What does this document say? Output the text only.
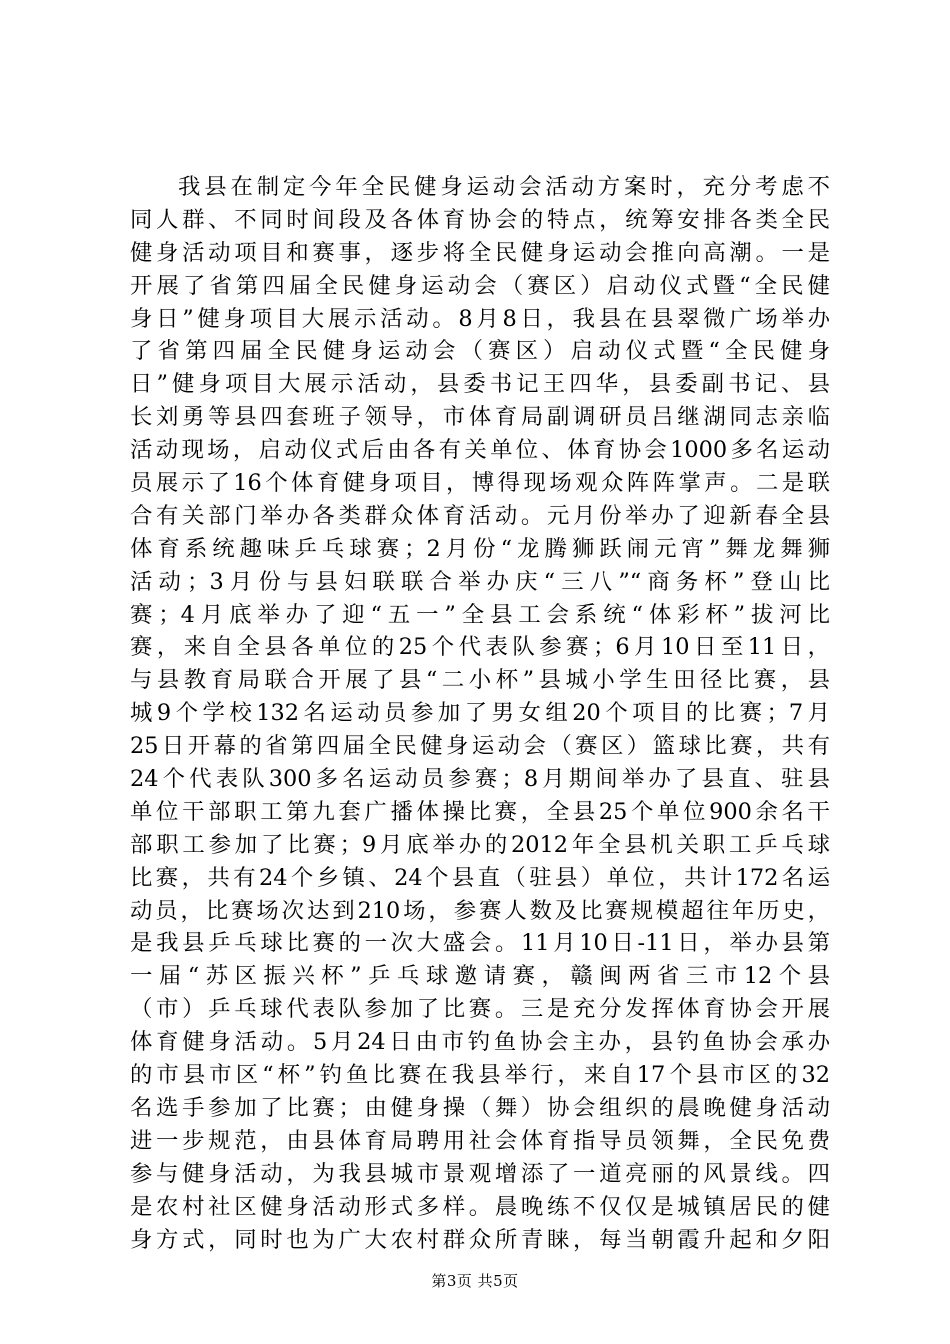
我县在制定今年全民健身运动会活动方案时，充分考虑不
同人群、不同时间段及各体育协会的特点，统筹安排各类全民
健身活动项目和赛事，逐步将全民健身运动会推向高潮。一是
开展了省第四届全民健身运动会（赛区）启动仪式暨“全民健
身日”健身项目大展示活动。8月8日，我县在县翠微广场举办
了省第四届全民健身运动会（赛区）启动仪式暨“全民健身
日”健身项目大展示活动，县委书记王四华，县委副书记、县
长刘勇等县四套班子领导，市体育局副调研员吕继湖同志亲临
活动现场，启动仪式后由各有关单位、体育协会1000多名运动
员展示了16个体育健身项目，博得现场观众阵阵掌声。二是联
合有关部门举办各类群众体育活动。元月份举办了迎新春全县
体育系统趣味乒乓球赛；2月份“龙腾狮跃闹元宵”舞龙舞狮
活动；3月份与县妇联联合举办庆“三八”“商务杯”登山比
赛；4月底举办了迎“五一”全县工会系统“体彩杯”拔河比
赛，来自全县各单位的25个代表队参赛；6月10日至11日，
与县教育局联合开展了县“二小杯”县城小学生田径比赛，县
城9个学校132名运动员参加了男女组20个项目的比赛；7月
25日开幕的省第四届全民健身运动会（赛区）篮球比赛，共有
24个代表队300多名运动员参赛；8月期间举办了县直、驻县
单位干部职工第九套广播体操比赛，全县25个单位900余名干
部职工参加了比赛；9月底举办的2012年全县机关职工乒乓球
比赛，共有24个乡镇、24个县直（驻县）单位，共计172名运
动员，比赛场次达到210场，参赛人数及比赛规模超往年历史，
是我县乒乓球比赛的一次大盛会。11月10日-11日，举办县第
一届“苏区振兴杯”乒乓球邀请赛，赣闽两省三市12个县
（市）乒乓球代表队参加了比赛。三是充分发挥体育协会开展
体育健身活动。5月24日由市钓鱼协会主办，县钓鱼协会承办
的市县市区“杯”钓鱼比赛在我县举行，来自17个县市区的32
名选手参加了比赛；由健身操（舞）协会组织的晨晚健身活动
进一步规范，由县体育局聘用社会体育指导员领舞，全民免费
参与健身活动，为我县城市景观增添了一道亮丽的风景线。四
是农村社区健身活动形式多样。晨晚练不仅仅是城镇居民的健
身方式，同时也为广大农村群众所青睐，每当朝霞升起和夕阳
第3页 共5页
